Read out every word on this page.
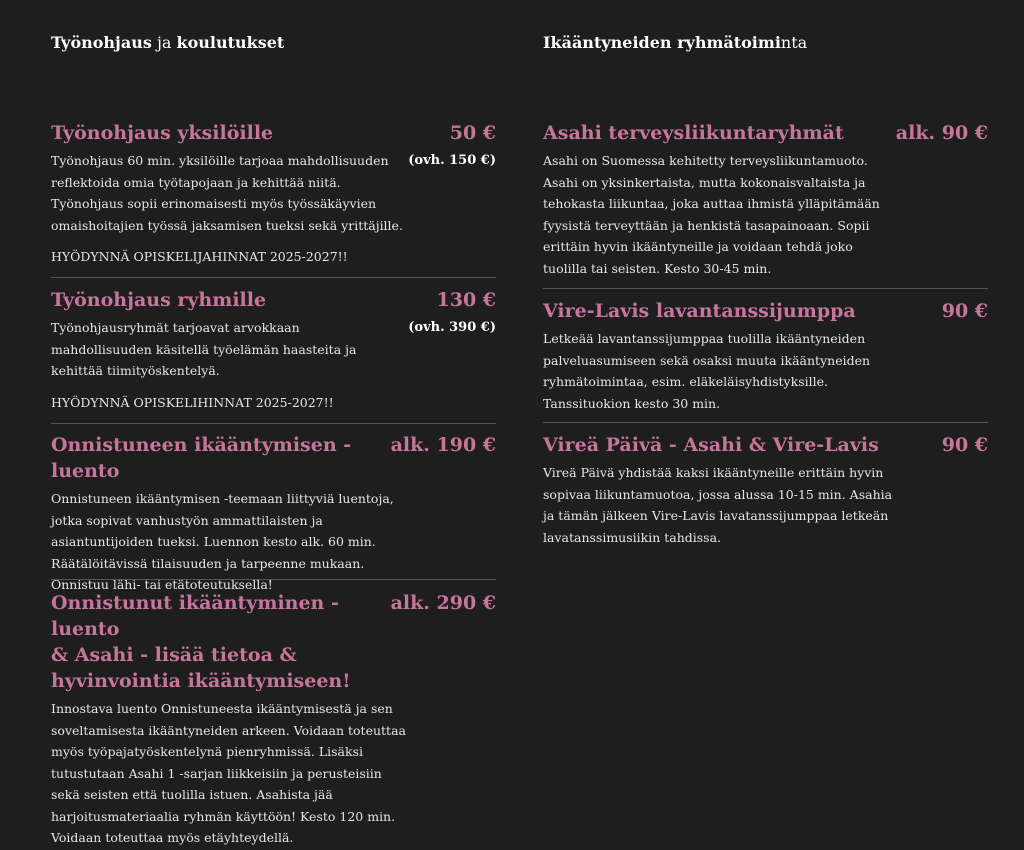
Työnohjaus ja koulutukset
Työnohjaus yksilöille	50 €

Työnohjaus 60 min. yksilöille tarjoaa mahdollisuuden

reflektoida omia työtapojaan ja kehittää niitä.

Työnohjaus sopii erinomaisesti myös työssäkäyvien

omaishoitajien työssä jaksamisen tueksi sekä yrittäjille.

(ovh. 150 €)
HYÖDYNNÄ OPISKELIJAHINNAT 2025-2027!!
Työnohjaus ryhmille	130 €

Työnohjausryhmät tarjoavat arvokkaan

mahdollisuuden käsitellä työelämän haasteita ja

kehittää tiimityöskentelyä.

(ovh. 390 €)
HYÖDYNNÄ OPISKELIHINNAT 2025-2027!!
Onnistuneen ikääntymisen -luento
alk. 190 €

Onnistuneen ikääntymisen -teemaan liittyviä luentoja,

jotka sopivat vanhustyön ammattilaisten ja

asiantuntijoiden tueksi. Luennon kesto alk. 60 min.

Räätälöitävissä tilaisuuden ja tarpeenne mukaan.

Onnistuu lähi- tai etätoteutuksella!

Onnistunut ikääntyminen -luento
& Asahi - lisää tietoa &
hyvinvointia ikääntymiseen!
alk. 290 €

Innostava luento Onnistuneesta ikääntymisestä ja sen

soveltamisesta ikääntyneiden arkeen. Voidaan toteuttaa

myös työpajatyöskentelynä pienryhmissä. Lisäksi

tutustutaan Asahi 1 -sarjan liikkeisiin ja perusteisiin

sekä seisten että tuolilla istuen. Asahista jää

harjoitusmateriaalia ryhmän käyttöön! Kesto 120 min.

Voidaan toteuttaa myös etäyhteydellä.

Ikääntyneiden ryhmätoiminta
Asahi terveysliikuntaryhmät	alk. 90 €

Asahi on Suomessa kehitetty terveysliikuntamuoto.

Asahi on yksinkertaista, mutta kokonaisvaltaista ja

tehokasta liikuntaa, joka auttaa ihmistä ylläpitämään

fyysistä terveyttään ja henkistä tasapainoaan. Sopii

erittäin hyvin ikääntyneille ja voidaan tehdä joko

tuolilla tai seisten. Kesto 30-45 min.

Vire-Lavis lavantanssijumppa	90 €

Letkeää lavantanssijumppaa tuolilla ikääntyneiden

palveluasumiseen sekä osaksi muuta ikääntyneiden

ryhmätoimintaa, esim. eläkeläisyhdistyksille.

Tanssituokion kesto 30 min.

Vireä Päivä - Asahi & Vire-Lavis	90 €

Vireä Päivä yhdistää kaksi ikääntyneille erittäin hyvin

sopivaa liikuntamuotoa, jossa alussa 10-15 min. Asahia

ja tämän jälkeen Vire-Lavis lavatanssijumppaa letkeän

lavatanssimusiikin tahdissa.
